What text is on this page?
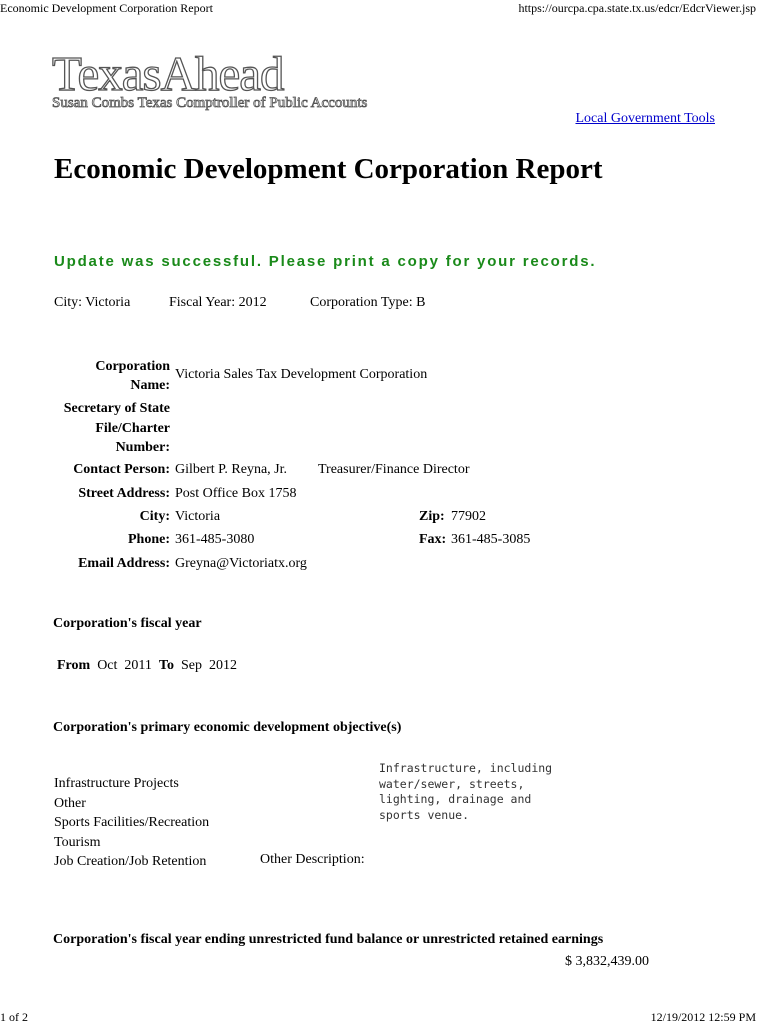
Economic Development Corporation Report	https://ourcpa.cpa.state.tx.us/edcr/EdcrViewer.jsp
TexasAhead
Susan Combs Texas Comptroller of Public Accounts
Local Government Tools
Economic Development Corporation Report
Update was successful. Please print a copy for your records.
City: Victoria	Fiscal Year: 2012	Corporation Type: B
Corporation
Name:
Victoria Sales Tax Development Corporation
Secretary of State
File/Charter
Number:
Contact Person: Gilbert P. Reyna, Jr. Treasurer/Finance Director
Street Address: Post Office Box 1758
City: Victoria	Zip: 77902
Phone: 361-485-3080	Fax: 361-485-3085
Email Address: Greyna@Victoriatx.org
Corporation's fiscal year
From Oct 2011 To Sep 2012
Corporation's primary economic development objective(s)
Infrastructure Projects
Other
Sports Facilities/Recreation
Tourism
Job Creation/Job Retention
Infrastructure, including
water/sewer, streets,
lighting, drainage and
sports venue.
Other Description:
Corporation's fiscal year ending unrestricted fund balance or unrestricted retained earnings
$ 3,832,439.00
1 of 2	12/19/2012 12:59 PM
